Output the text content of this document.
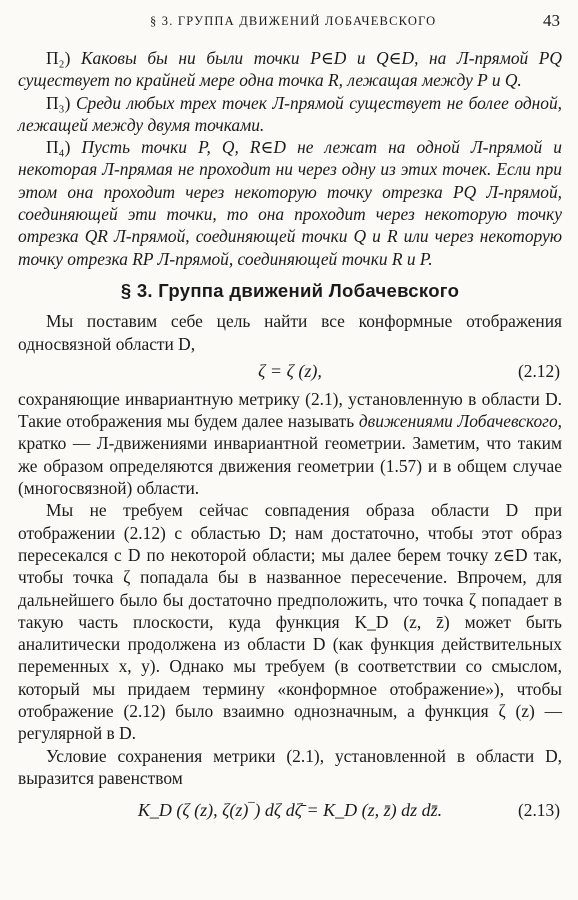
§ 3. ГРУППА ДВИЖЕНИЙ ЛОБАЧЕВСКОГО	43

П₂) Каковы бы ни были точки P∈D и Q∈D, на Л-прямой PQ существует по крайней мере одна точка R, лежащая между P и Q.

П₃) Среди любых трех точек Л-прямой существует не более одной, лежащей между двумя точками.

П₄) Пусть точки P, Q, R∈D не лежат на одной Л-прямой и некоторая Л-прямая не проходит ни через одну из этих точек. Если при этом она проходит через некоторую точку отрезка PQ Л-прямой, соединяющей эти точки, то она проходит через некоторую точку отрезка QR Л-прямой, соединяющей точки Q и R или через некоторую точку отрезка RP Л-прямой, соединяющей точки R и P.

§ 3. Группа движений Лобачевского

Мы поставим себе цель найти все конформные отображения односвязной области D,

ζ = ζ (z),	(2.12)

сохраняющие инвариантную метрику (2.1), установленную в области D. Такие отображения мы будем далее называть движениями Лобачевского, кратко — Л-движениями инвариантной геометрии. Заметим, что таким же образом определяются движения геометрии (1.57) и в общем случае (многосвязной) области.

Мы не требуем сейчас совпадения образа области D при отображении (2.12) с областью D; нам достаточно, чтобы этот образ пересекался с D по некоторой области; мы далее берем точку z∈D так, чтобы точка ζ попадала бы в названное пересечение. Впрочем, для дальнейшего было бы достаточно предположить, что точка ζ попадает в такую часть плоскости, куда функция K_D (z, z̄) может быть аналитически продолжена из области D (как функция действительных переменных x, y). Однако мы требуем (в соответствии со смыслом, который мы придаем термину «конформное отображение»), чтобы отображение (2.12) было взаимно однозначным, а функция ζ (z) — регулярной в D.

Условие сохранения метрики (2.1), установленной в области D, выразится равенством

K_D (ζ (z), ζ(z)‾) dζ dζ̄ = K_D (z, z̄) dz dz̄.	(2.13)
